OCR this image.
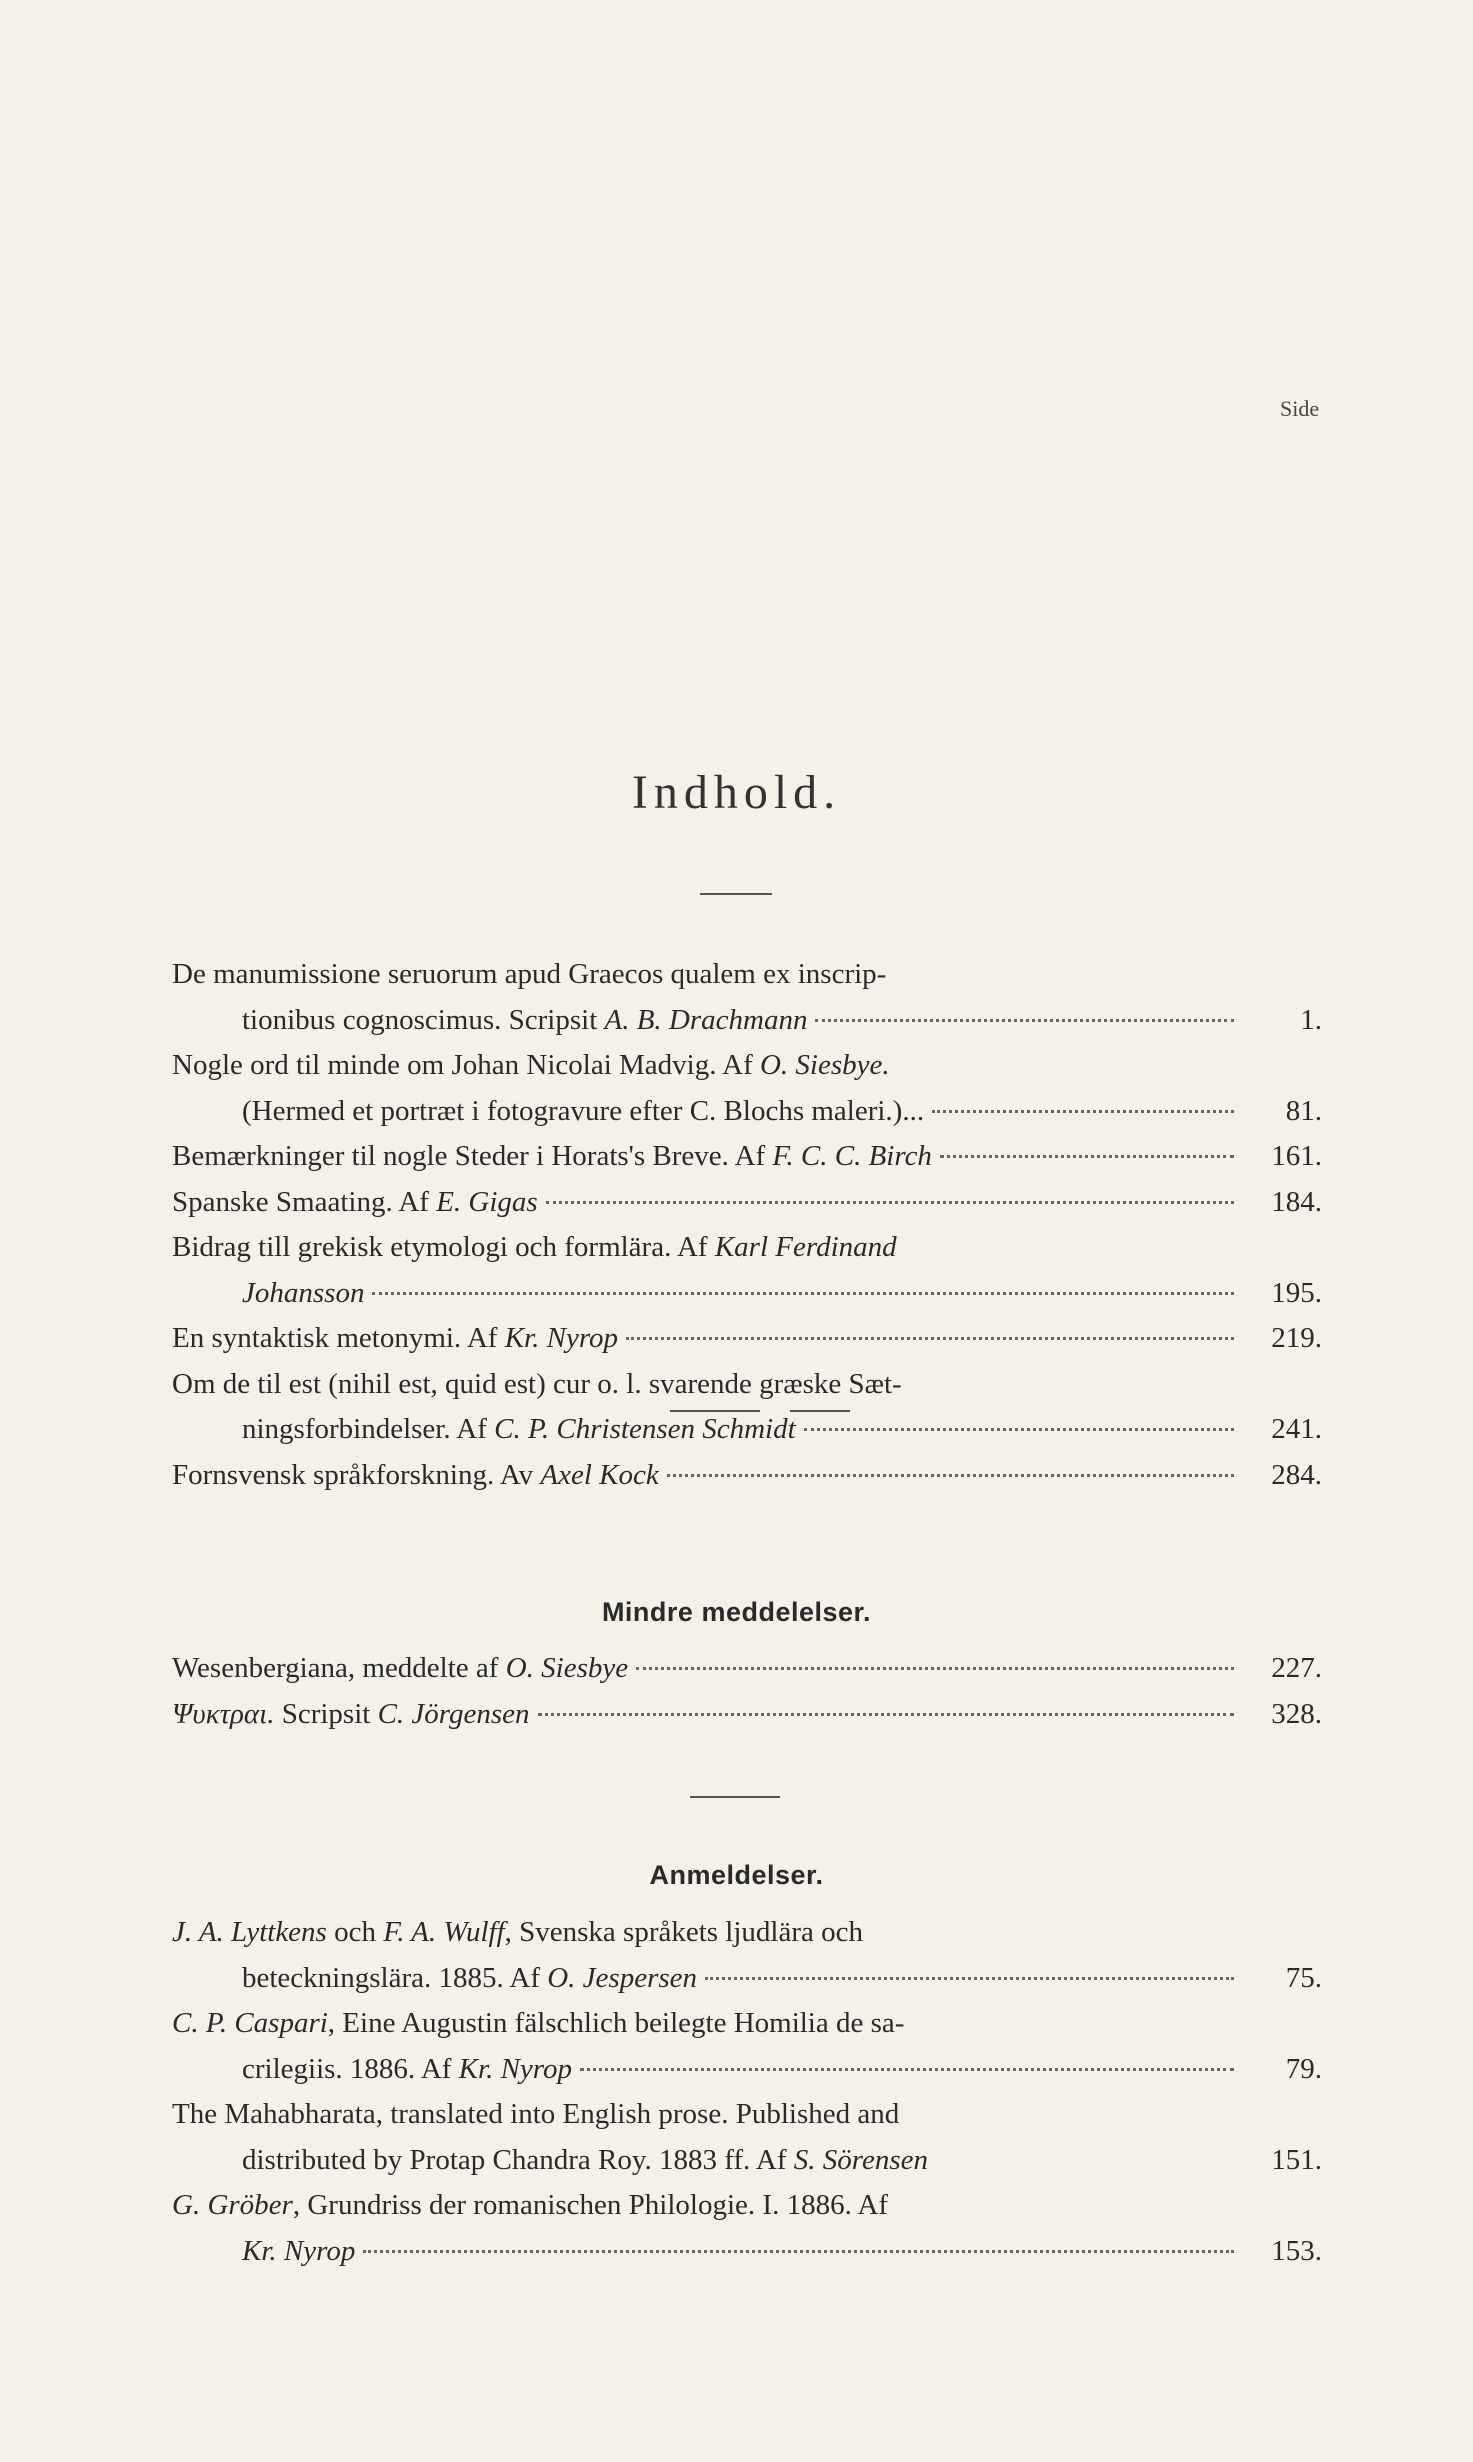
Indhold.
Side
De manumissione seruorum apud Graecos qualem ex inscrip-
tionibus cognoscimus. Scripsit A. B. Drachmann	1.
Nogle ord til minde om Johan Nicolai Madvig. Af O. Siesbye.
(Hermed et portræt i fotogravure efter C. Blochs maleri.)...	81.
Bemærkninger til nogle Steder i Horats's Breve. Af F. C. C. Birch	161.
Spanske Smaating. Af E. Gigas	184.
Bidrag till grekisk etymologi och formlära. Af Karl Ferdinand
Johansson	195.
En syntaktisk metonymi. Af Kr. Nyrop	219.
Om de til est (nihil est, quid est) cur o. l. svarende græske Sæt-
ningsforbindelser. Af C. P. Christensen Schmidt	241.
Fornsvensk språkforskning. Av Axel Kock	284.
Mindre meddelelser.
Wesenbergiana, meddelte af O. Siesbye	227.
Ψυκτραι. Scripsit C. Jörgensen	328.
Anmeldelser.
J. A. Lyttkens och F. A. Wulff, Svenska språkets ljudlära och
beteckningslära. 1885. Af O. Jespersen	75.
C. P. Caspari, Eine Augustin fälschlich beilegte Homilia de sa-
crilegiis. 1886. Af Kr. Nyrop	79.
The Mahabharata, translated into English prose. Published and
distributed by Protap Chandra Roy. 1883 ff. Af S. Sörensen	151.
G. Gröber, Grundriss der romanischen Philologie. I. 1886. Af
Kr. Nyrop	153.
